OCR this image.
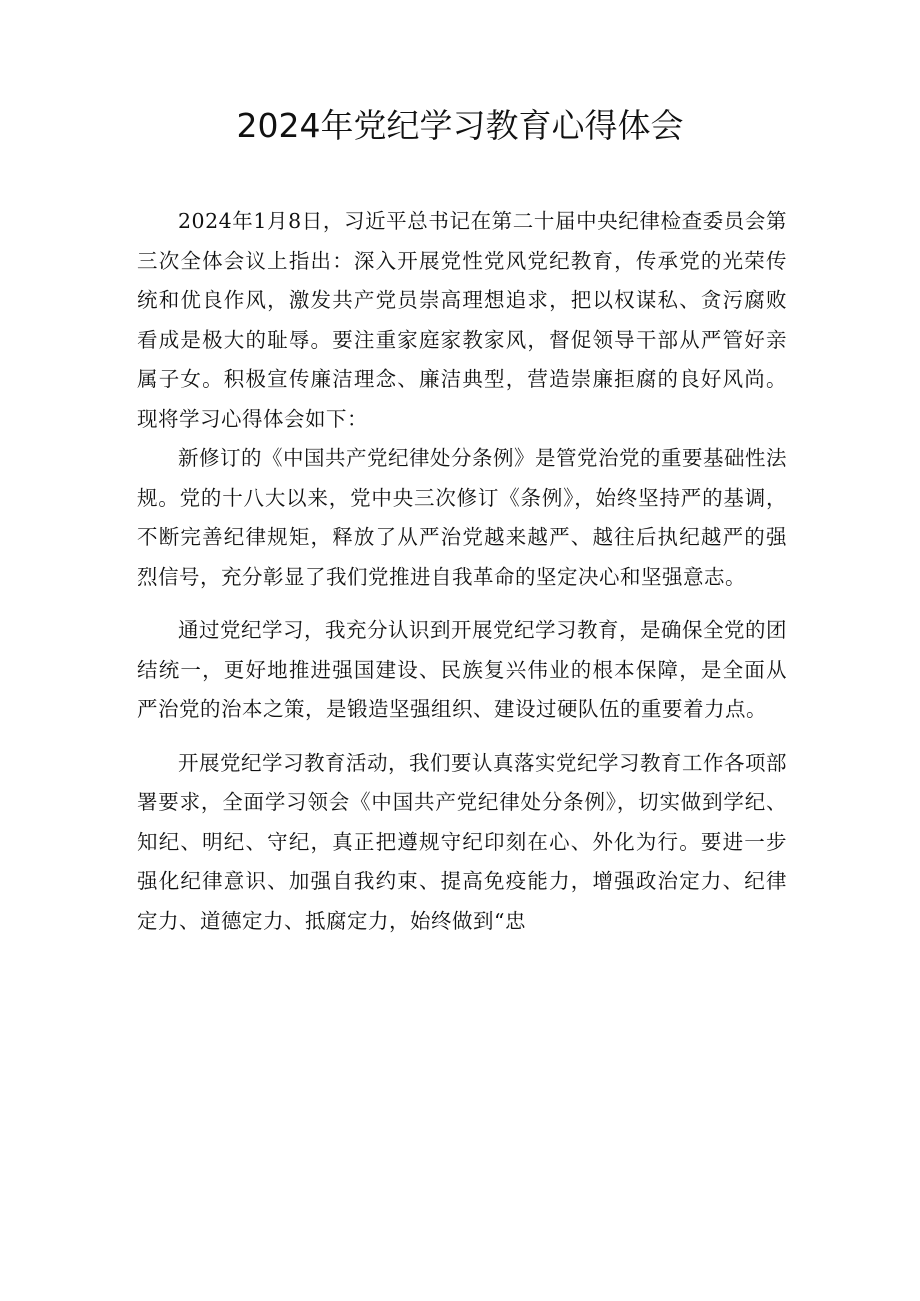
2024年党纪学习教育心得体会

2024年1月8日，习近平总书记在第二十届中央纪律检查委员会第三次全体会议上指出：深入开展党性党风党纪教育，传承党的光荣传统和优良作风，激发共产党员崇高理想追求，把以权谋私、贪污腐败看成是极大的耻辱。要注重家庭家教家风，督促领导干部从严管好亲属子女。积极宣传廉洁理念、廉洁典型，营造崇廉拒腐的良好风尚。现将学习心得体会如下：

新修订的《中国共产党纪律处分条例》是管党治党的重要基础性法规。党的十八大以来，党中央三次修订《条例》，始终坚持严的基调，不断完善纪律规矩，释放了从严治党越来越严、越往后执纪越严的强烈信号，充分彰显了我们党推进自我革命的坚定决心和坚强意志。

通过党纪学习，我充分认识到开展党纪学习教育，是确保全党的团结统一，更好地推进强国建设、民族复兴伟业的根本保障，是全面从严治党的治本之策，是锻造坚强组织、建设过硬队伍的重要着力点。

开展党纪学习教育活动，我们要认真落实党纪学习教育工作各项部署要求，全面学习领会《中国共产党纪律处分条例》，切实做到学纪、知纪、明纪、守纪，真正把遵规守纪印刻在心、外化为行。要进一步强化纪律意识、加强自我约束、提高免疫能力，增强政治定力、纪律定力、道德定力、抵腐定力，始终做到“忠
